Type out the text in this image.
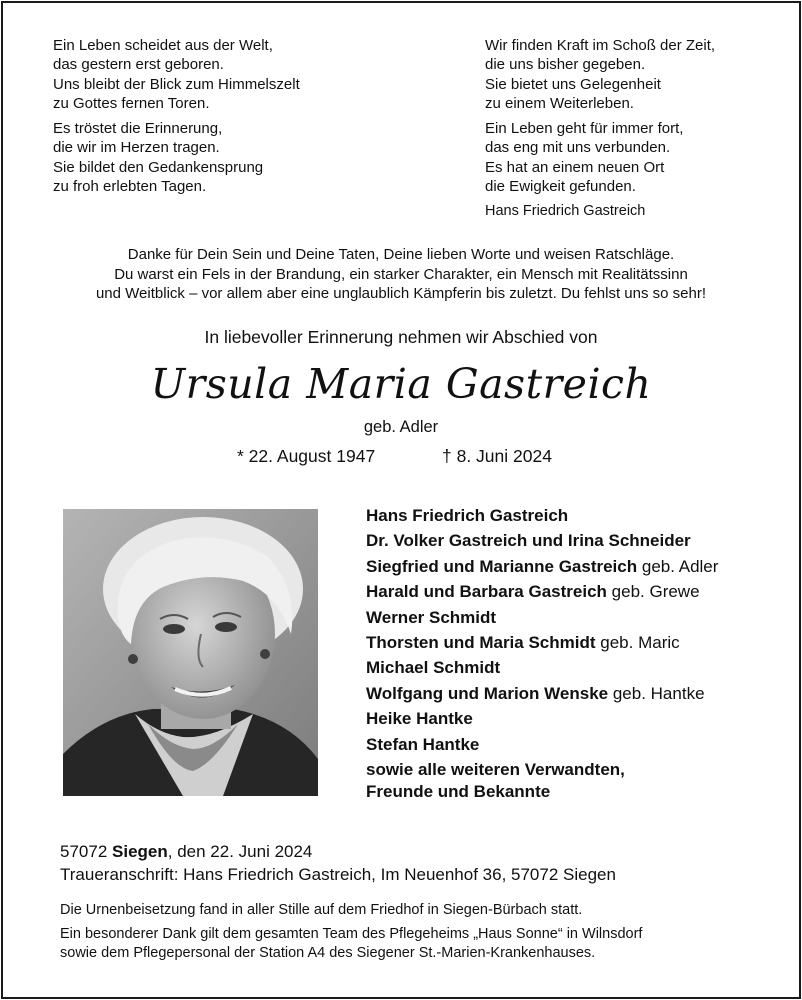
Ein Leben scheidet aus der Welt,
das gestern erst geboren.
Uns bleibt der Blick zum Himmelszelt
zu Gottes fernen Toren.
Es tröstet die Erinnerung,
die wir im Herzen tragen.
Sie bildet den Gedankensprung
zu froh erlebten Tagen.
Wir finden Kraft im Schoß der Zeit,
die uns bisher gegeben.
Sie bietet uns Gelegenheit
zu einem Weiterleben.
Ein Leben geht für immer fort,
das eng mit uns verbunden.
Es hat an einem neuen Ort
die Ewigkeit gefunden.
Hans Friedrich Gastreich
Danke für Dein Sein und Deine Taten, Deine lieben Worte und weisen Ratschläge.
Du warst ein Fels in der Brandung, ein starker Charakter, ein Mensch mit Realitätssinn
und Weitblick – vor allem aber eine unglaublich Kämpferin bis zuletzt. Du fehlst uns so sehr!
In liebevoller Erinnerung nehmen wir Abschied von
Ursula Maria Gastreich
geb. Adler
* 22. August 1947	† 8. Juni 2024
Hans Friedrich Gastreich
Dr. Volker Gastreich und Irina Schneider
Siegfried und Marianne Gastreich geb. Adler
Harald und Barbara Gastreich geb. Grewe
Werner Schmidt
Thorsten und Maria Schmidt geb. Maric
Michael Schmidt
Wolfgang und Marion Wenske geb. Hantke
Heike Hantke
Stefan Hantke
sowie alle weiteren Verwandten,
Freunde und Bekannte
57072 Siegen, den 22. Juni 2024
Traueranschrift: Hans Friedrich Gastreich, Im Neuenhof 36, 57072 Siegen
Die Urnenbeisetzung fand in aller Stille auf dem Friedhof in Siegen-Bürbach statt.
Ein besonderer Dank gilt dem gesamten Team des Pflegeheims „Haus Sonne“ in Wilnsdorf
sowie dem Pflegepersonal der Station A4 des Siegener St.-Marien-Krankenhauses.
